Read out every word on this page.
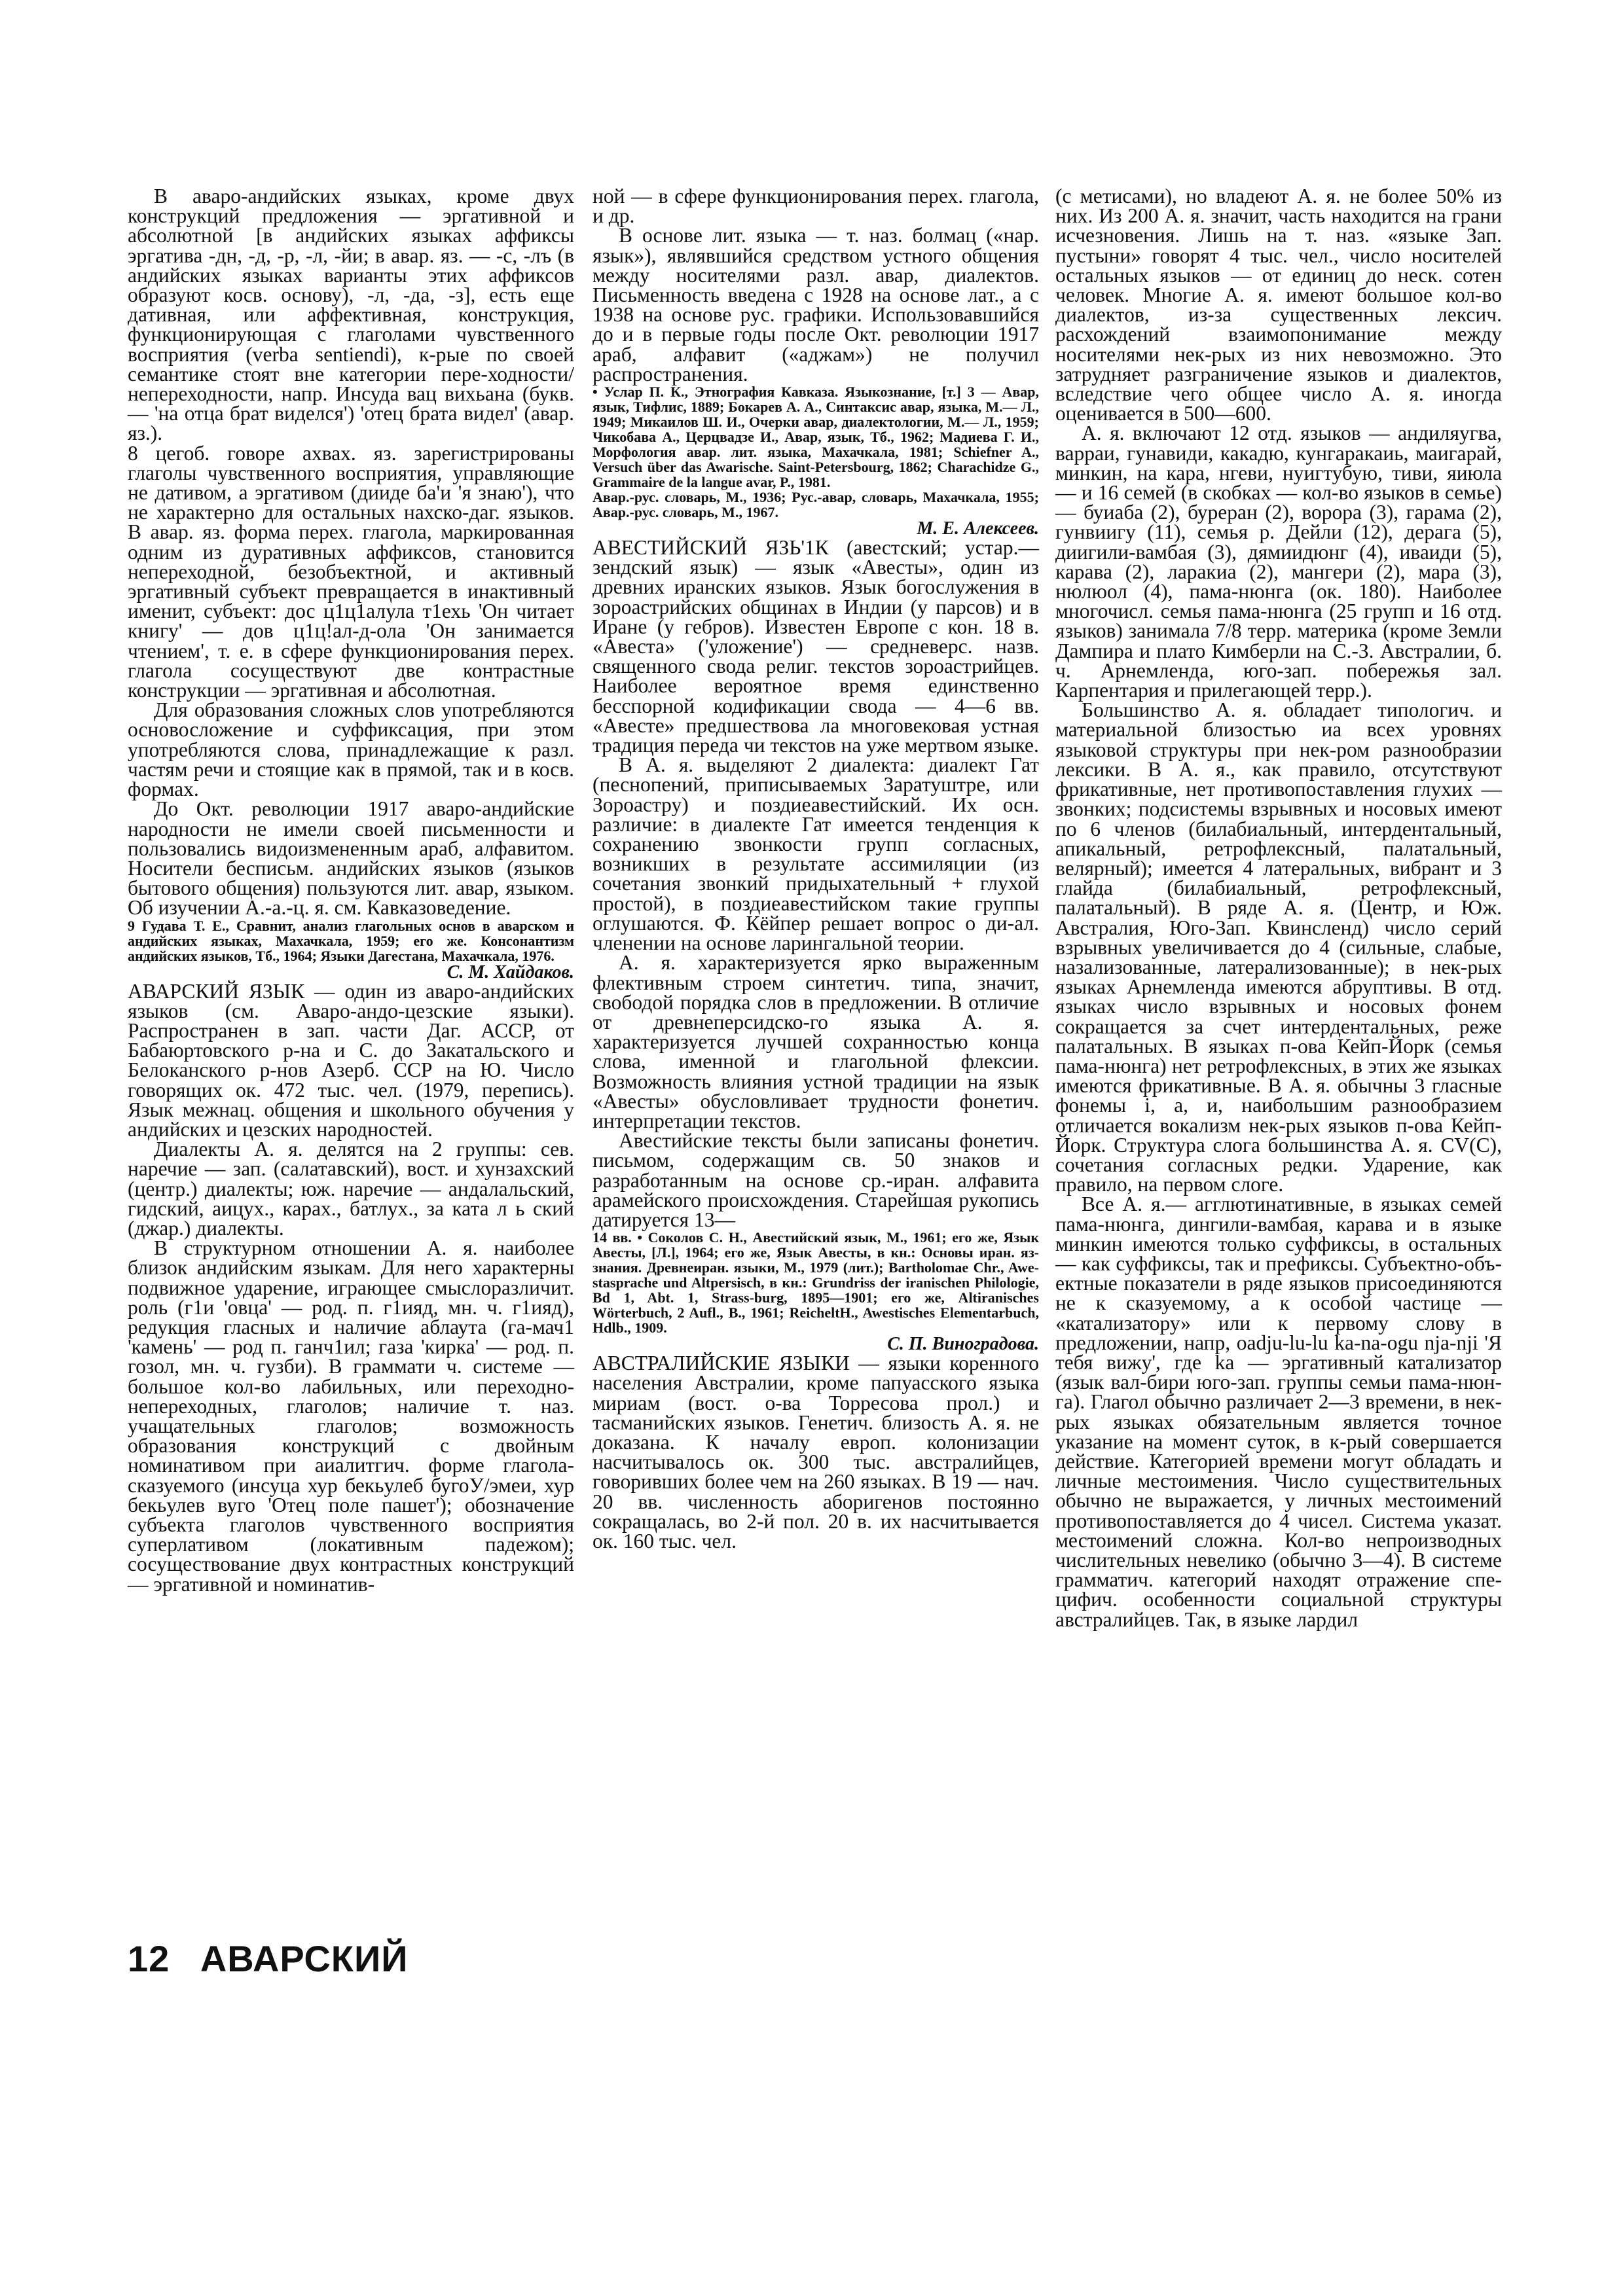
В аваро-андийских языках, кроме двух конструкций предложения — эргативной и абсолютной [в андийских языках аффиксы эргатива -дн, -д, -р, -л, -йи; в авар. яз. — -с, -лъ (в андийских языках варианты этих аффиксов образуют косв. основу), -л, -да, -з], есть еще дативная, или аффективная, конструкция, функционирующая с глаголами чувственного восприятия (verba sentiendi), к-рые по своей семантике стоят вне категории пере-ходности/непереходности, напр. Инсуда вац вихьана (букв.— 'на отца брат виделся') 'отец брата видел' (авар. яз.).

8 цегоб. говоре ахвах. яз. зарегистрированы глаголы чувственного восприятия, управляющие не дативом, а эргативом (дииде ба'и 'я знаю'), что не характерно для остальных нахско-даг. языков. В авар. яз. форма перех. глагола, маркированная одним из дуративных аффиксов, становится непереходной, безобъектной, и активный эргативный субъект превращается в инактивный именит, субъект: дос ц1ц1алула т1ехь 'Он читает книгу' — дов ц1ц!ал-д-ола 'Он занимается чтением', т. е. в сфере функционирования перех. глагола сосуществуют две контрастные конструкции — эргативная и абсолютная.

Для образования сложных слов употребляются основосложение и суффиксация, при этом употребляются слова, принадлежащие к разл. частям речи и стоящие как в прямой, так и в косв. формах.

До Окт. революции 1917 аваро-андийские народности не имели своей письменности и пользовались видоизмененным араб, алфавитом. Носители бесписьм. андийских языков (языков бытового общения) пользуются лит. авар, языком. Об изучении А.-а.-ц. я. см. Кавказоведение.

9 Гудава Т. Е., Сравнит, анализ глагольных основ в аварском и андийских языках, Махачкала, 1959; его же. Консонантизм андийских языков, Тб., 1964; Языки Дагестана, Махачкала, 1976.

С. М. Хайдаков.

АВАРСКИЙ ЯЗЫК — один из аваро-андийских языков (см. Аваро-андо-цезские языки). Распространен в зап. части Даг. АССР, от Бабаюртовского р-на и С. до Закатальского и Белоканского р-нов Азерб. ССР на Ю. Число говорящих ок. 472 тыс. чел. (1979, перепись). Язык межнац. общения и школьного обучения у андийских и цезских народностей.

Диалекты А. я. делятся на 2 группы: сев. наречие — зап. (салатавский), вост. и хунзахский (центр.) диалекты; юж. наречие — андалальский, гидский, аицух., карах., батлух., за ката л ь ский (джар.) диалекты.

В структурном отношении А. я. наиболее близок андийским языкам. Для него характерны подвижное ударение, играющее смыслоразличит. роль (г1и 'овца' — род. п. г1ияд, мн. ч. г1ияд), редукция гласных и наличие аблаута (га-мач1 'камень' — род п. ганч1ил; газа 'кирка' — род. п. гозол, мн. ч. гузби). В граммати ч. системе — большое кол-во лабильных, или переходно-непереходных, глаголов; наличие т. наз. учащательных глаголов; возможность образования конструкций с двойным номинативом при аиалитгич. форме глагола-сказуемого (инсуца хур бекьулеб бугоУ/эмеи, хур бекьулев вуго 'Отец поле пашет'); обозначение субъекта глаголов чувственного восприятия суперлативом (локативным падежом); сосуществование двух контрастных конструкций — эргативной и номинатив-

ной — в сфере функционирования перех. глагола, и др.

В основе лит. языка — т. наз. болмац («нар. язык»), являвшийся средством устного общения между носителями разл. авар, диалектов. Письменность введена с 1928 на основе лат., а с 1938 на основе рус. графики. Использовавшийся до и в первые годы после Окт. революции 1917 араб, алфавит («аджам») не получил распространения.

• Услар П. К., Этнография Кавказа. Языкознание, [т.] 3 — Авар, язык, Тифлис, 1889; Бокарев А. А., Синтаксис авар, языка, М.— Л., 1949; Микаилов Ш. И., Очерки авар, диалектологии, М.— Л., 1959; Чикобава А., Церцвадзе И., Авар, язык, Тб., 1962; Мадиева Г. И., Морфология авар. лит. языка, Махачкала, 1981; Schiefner A., Versuch über das Awarische. Saint-Petersbourg, 1862; Charachidze G., Grammaire de la langue avar, P., 1981.

Авар.-рус. словарь, М., 1936; Рус.-авар, словарь, Махачкала, 1955; Авар.-рус. словарь, М., 1967.

М. Е. Алексеев.

АВЕСТИЙСКИЙ ЯЗЬ'1К (авестский; устар.— зендский язык) — язык «Авесты», один из древних иранских языков. Язык богослужения в зороастрийских общинах в Индии (у парсов) и в Иране (у гебров). Известен Европе с кон. 18 в. «Авеста» ('уложение') — средневерс. назв. священного свода религ. текстов зороастрийцев. Наиболее вероятное время единственно бесспорной кодификации свода — 4—6 вв. «Авесте» предшествова ла многовековая устная традиция переда чи текстов на уже мертвом языке.

В А. я. выделяют 2 диалекта: диалект Гат (песнопений, приписываемых Заратуштре, или Зороастру) и поздиеавестийский. Их осн. различие: в диалекте Гат имеется тенденция к сохранению звонкости групп согласных, возникших в результате ассимиляции (из сочетания звонкий придыхательный + глухой простой), в поздиеавестийском такие группы оглушаются. Ф. Кёйпер решает вопрос о ди-ал. членении на основе ларингальной теории.

А. я. характеризуется ярко выраженным флективным строем синтетич. типа, значит, свободой порядка слов в предложении. В отличие от древнеперсидско-го языка А. я. характеризуется лучшей сохранностью конца слова, именной и глагольной флексии. Возможность влияния устной традиции на язык «Авесты» обусловливает трудности фонетич. интерпретации текстов.

Авестийские тексты были записаны фонетич. письмом, содержащим св. 50 знаков и разработанным на основе ср.-иран. алфавита арамейского происхождения. Старейшая рукопись датируется 13—

14 вв. • Соколов С. Н., Авестийский язык, М., 1961; его же, Язык Авесты, [Л.], 1964; его же, Язык Авесты, в кн.: Основы иран. яз-знания. Древнеиран. языки, М., 1979 (лит.); Bartholomae Chr., Awe-stasprache und Altpersisch, в кн.: Grundriss der iranischen Philologie, Bd 1, Abt. 1, Strass-burg, 1895—1901; его же, Altiranisches Wörterbuch, 2 Aufl., B., 1961; ReicheltH., Awestisches Elementarbuch, Hdlb., 1909.

С. П. Виноградова.

АВСТРАЛИЙСКИЕ ЯЗЫКИ — языки коренного населения Австралии, кроме папуасского языка мириам (вост. о-ва Торресова прол.) и тасманийских языков. Генетич. близость А. я. не доказана. К началу европ. колонизации насчитывалось ок. 300 тыс. австралийцев, говоривших более чем на 260 языках. В 19 — нач. 20 вв. численность аборигенов постоянно сокращалась, во 2-й пол. 20 в. их насчитывается ок. 160 тыс. чел.

(с метисами), но владеют А. я. не более 50% из них. Из 200 А. я. значит, часть находится на грани исчезновения. Лишь на т. наз. «языке Зап. пустыни» говорят 4 тыс. чел., число носителей остальных языков — от единиц до неск. сотен человек. Многие А. я. имеют большое кол-во диалектов, из-за существенных лексич. расхождений взаимопонимание между носителями нек-рых из них невозможно. Это затрудняет разграничение языков и диалектов, вследствие чего общее число А. я. иногда оценивается в 500—600.

А. я. включают 12 отд. языков — андиляугва, варраи, гунавиди, какадю, кунгаракаиь, маигарай, минкин, на кара, нгеви, нуигтубую, тиви, яиюла — и 16 семей (в скобках — кол-во языков в семье) — буиаба (2), буреран (2), ворора (3), гарама (2), гунвиигу (11), семья р. Дейли (12), дерага (5), диигили-вамбая (3), дямиидюнг (4), иваиди (5), карава (2), ларакиа (2), мангери (2), мара (3), нюлюол (4), пама-нюнга (ок. 180). Наиболее многочисл. семья пама-нюнга (25 групп и 16 отд. языков) занимала 7/8 терр. материка (кроме Земли Дампира и плато Кимберли на С.-З. Австралии, б. ч. Арнемленда, юго-зап. побережья зал. Карпентария и прилегающей терр.).

Большинство А. я. обладает типологич. и материальной близостью иа всех уровнях языковой структуры при нек-ром разнообразии лексики. В А. я., как правило, отсутствуют фрикативные, нет противопоставления глухих — звонких; подсистемы взрывных и носовых имеют по 6 членов (билабиальный, интердентальный, апикальный, ретрофлексный, палатальный, велярный); имеется 4 латеральных, вибрант и 3 глайда (билабиальный, ретрофлексный, палатальный). В ряде А. я. (Центр, и Юж. Австралия, Юго-Зап. Квинсленд) число серий взрывных увеличивается до 4 (сильные, слабые, назализованные, латерализованные); в нек-рых языках Арнемленда имеются абруптивы. В отд. языках число взрывных и носовых фонем сокращается за счет интердентальных, реже палатальных. В языках п-ова Кейп-Йорк (семья пама-нюнга) нет ретрофлексных, в этих же языках имеются фрикативные. В А. я. обычны 3 гласные фонемы i, а, и, наибольшим разнообразием отличается вокализм нек-рых языков п-ова Кейп-Йорк. Структура слога большинства А. я. CV(C), сочетания согласных редки. Ударение, как правило, на первом слоге.

Все А. я.— агглютинативные, в языках семей пама-нюнга, дингили-вамбая, карава и в языке минкин имеются только суффиксы, в остальных — как суффиксы, так и префиксы. Субъектно-объ-ектные показатели в ряде языков присоединяются не к сказуемому, а к особой частице — «катализатору» или к первому слову в предложении, напр, oadju-lu-lu ka-na-ogu nja-nji 'Я тебя вижу', где ka — эргативный катализатор (язык вал-бири юго-зап. группы семьи пама-нюн-га). Глагол обычно различает 2—3 времени, в нек-рых языках обязательным является точное указание на момент суток, в к-рый совершается действие. Категорией времени могут обладать и личные местоимения. Число существительных обычно не выражается, у личных местоимений противопоставляется до 4 чисел. Система указат. местоимений сложна. Кол-во непроизводных числительных невелико (обычно 3—4). В системе грамматич. категорий находят отражение спе-цифич. особенности социальной структуры австралийцев. Так, в языке лардил

12 АВАРСКИЙ
